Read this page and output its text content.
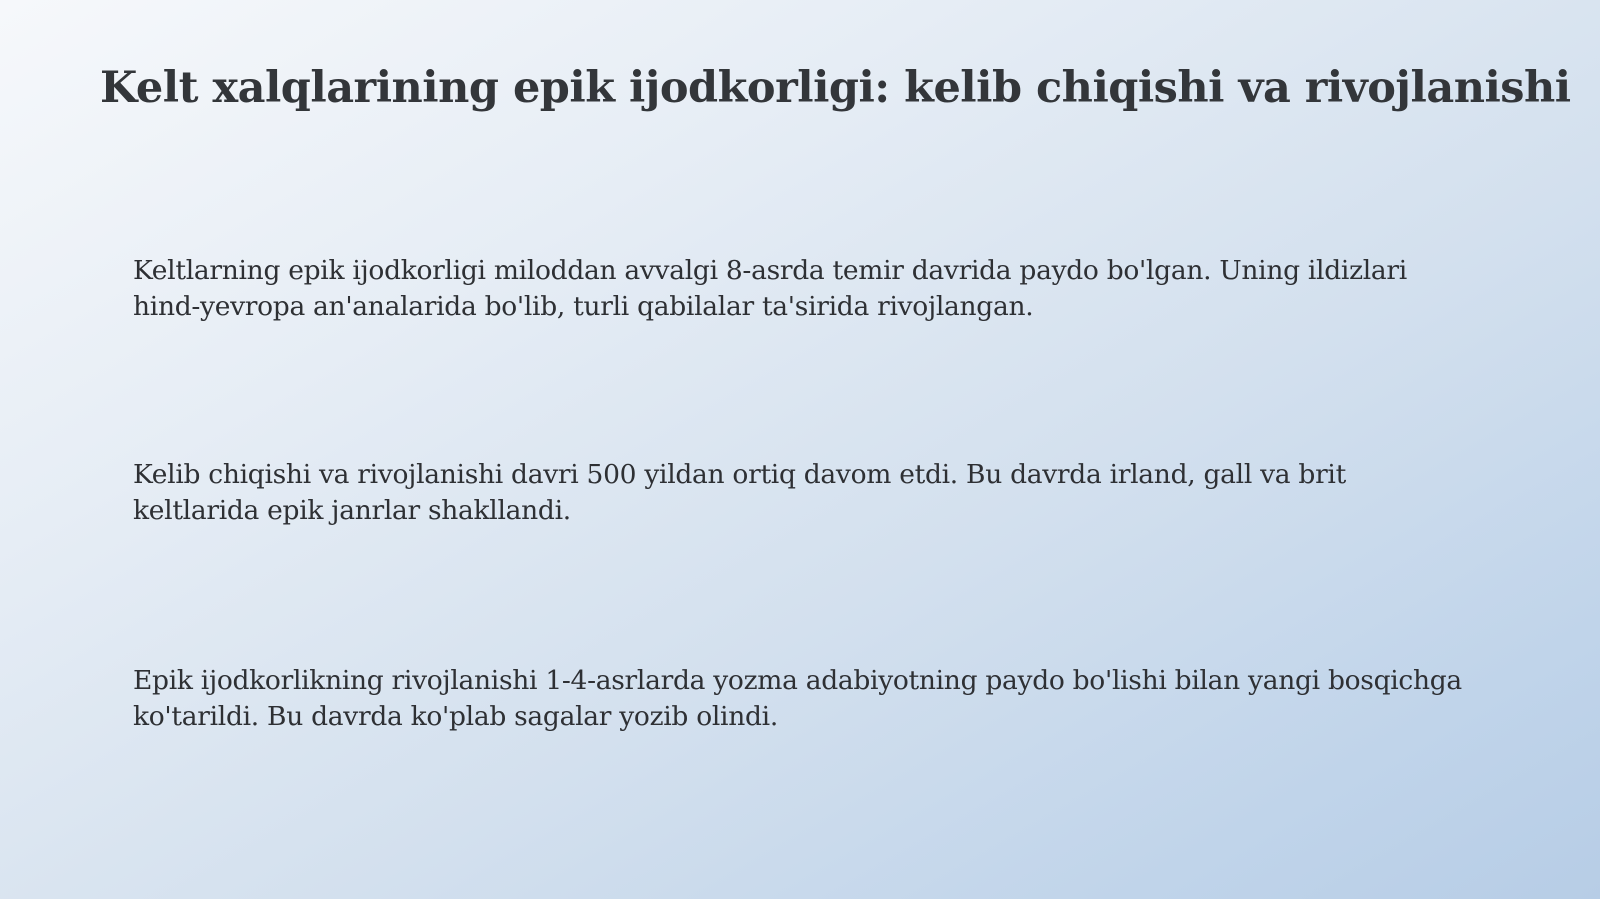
Kelt xalqlarining epik ijodkorligi: kelib chiqishi va rivojlanishi

Keltlarning epik ijodkorligi miloddan avvalgi 8-asrda temir davrida paydo bo'lgan. Uning ildizlari hind-yevropa an'analarida bo'lib, turli qabilalar ta'sirida rivojlangan.

Kelib chiqishi va rivojlanishi davri 500 yildan ortiq davom etdi. Bu davrda irland, gall va brit keltlarida epik janrlar shakllandi.

Epik ijodkorlikning rivojlanishi 1-4-asrlarda yozma adabiyotning paydo bo'lishi bilan yangi bosqichga ko'tarildi. Bu davrda ko'plab sagalar yozib olindi.
